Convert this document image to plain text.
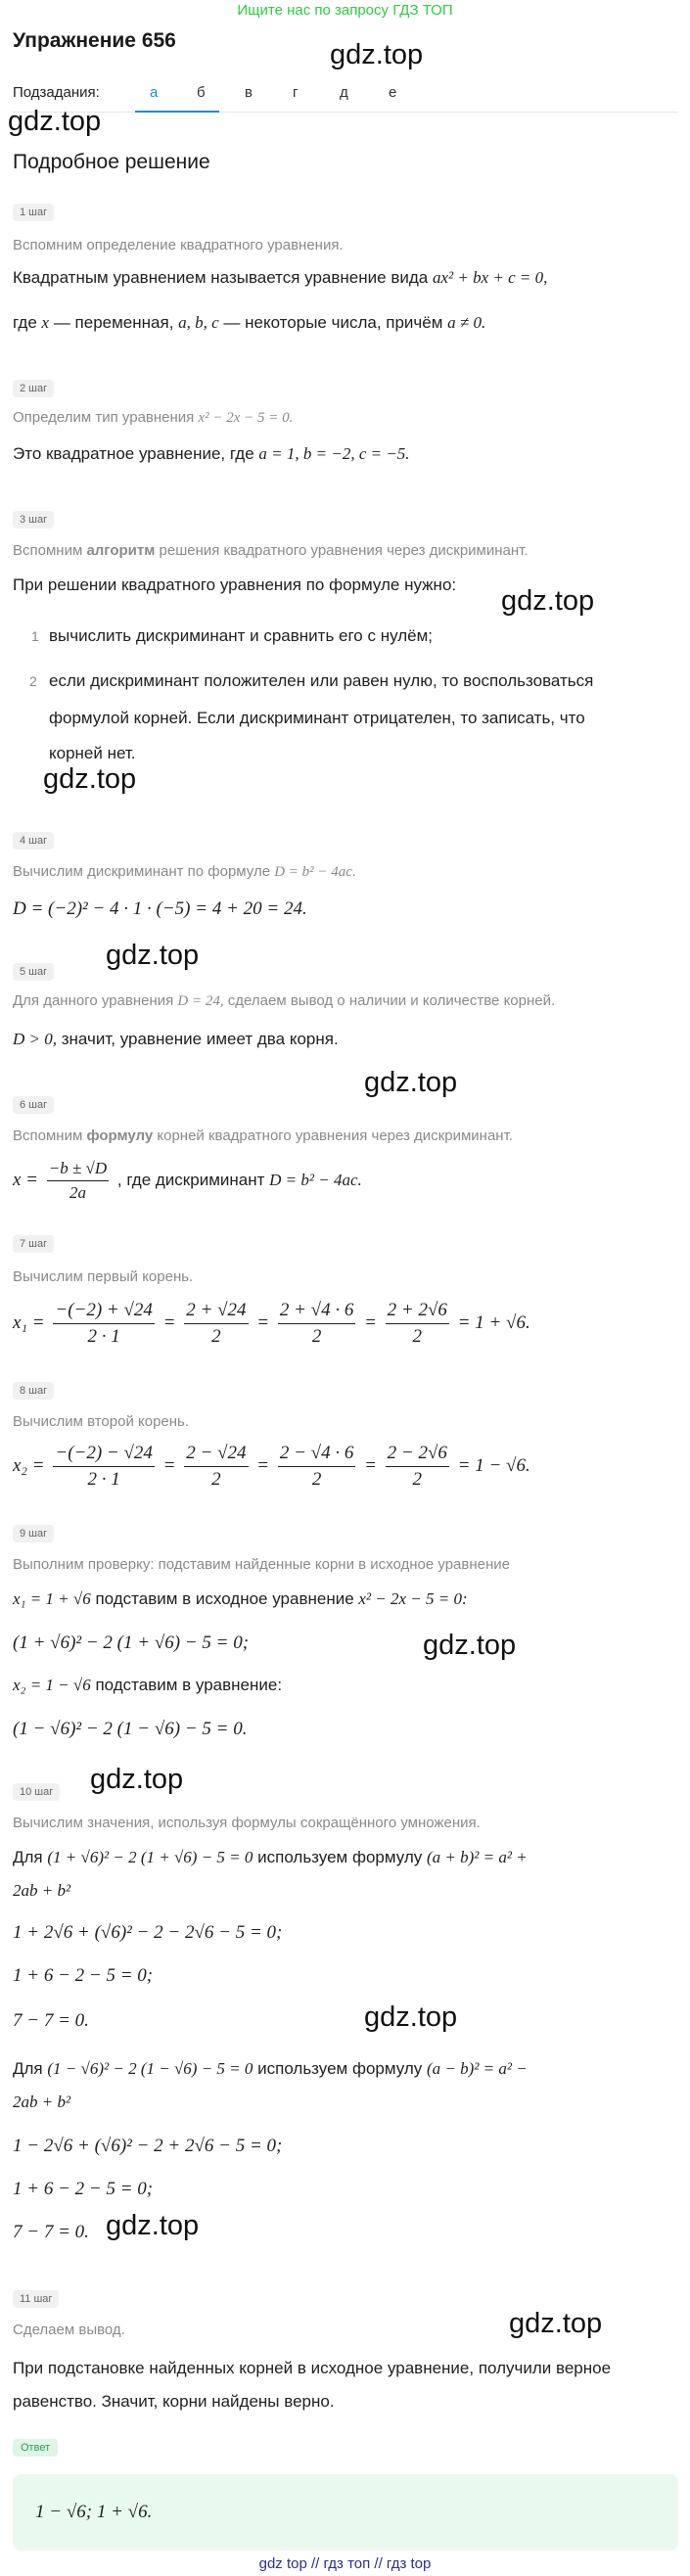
Ищите нас по запросу ГДЗ ТОП
Упражнение 656
Подзадания:	а	б	в	г	д	е
Подробное решение
gdz.top
gdz.top
gdz.top
gdz.top
gdz.top
gdz.top
gdz.top
gdz.top
gdz.top
gdz.top
gdz.top
1 шаг
Вспомним определение квадратного уравнения.
Квадратным уравнением называется уравнение вида ax² + bx + c = 0,
где x — переменная, a, b, c — некоторые числа, причём a ≠ 0.
2 шаг
Определим тип уравнения x² − 2x − 5 = 0.
Это квадратное уравнение, где a = 1, b = −2, c = −5.
3 шаг
Вспомним алгоритм решения квадратного уравнения через дискриминант.
При решении квадратного уравнения по формуле нужно:
1 вычислить дискриминант и сравнить его с нулём;
2 если дискриминант положителен или равен нулю, то воспользоваться
формулой корней. Если дискриминант отрицателен, то записать, что
корней нет.
4 шаг
Вычислим дискриминант по формуле D = b² − 4ac.
D = (−2)² − 4 · 1 · (−5) = 4 + 20 = 24.
5 шаг
Для данного уравнения D = 24, сделаем вывод о наличии и количестве корней.
D > 0, значит, уравнение имеет два корня.
6 шаг
Вспомним формулу корней квадратного уравнения через дискриминант.
$x = \frac{-b \pm √D}{2a}$ , где дискриминант D = b² − 4ac.
7 шаг
Вычислим первый корень.
$x_1 = \frac{-(-2) + √24}{2 \cdot 1} = \frac{2 + √24}{2} = \frac{2 + √4 \cdot 6}{2} = \frac{2 + 2√6}{2} = 1 + √6$.
8 шаг
Вычислим второй корень.
$x_2 = \frac{-(-2) - √24}{2 \cdot 1} = \frac{2 - √24}{2} = \frac{2 - √4 \cdot 6}{2} = \frac{2 - 2√6}{2} = 1 - √6$.
9 шаг
Выполним проверку: подставим найденные корни в исходное уравнение
x₁ = 1 + √6 подставим в исходное уравнение x² − 2x − 5 = 0:
(1 + √6)² − 2 (1 + √6) − 5 = 0;
x₂ = 1 − √6 подставим в уравнение:
(1 − √6)² − 2 (1 − √6) − 5 = 0.
10 шаг
Вычислим значения, используя формулы сокращённого умножения.
Для (1 + √6)² − 2 (1 + √6) − 5 = 0 используем формулу (a + b)² = a² +
2ab + b²
1 + 2√6 + (√6)² − 2 − 2√6 − 5 = 0;
1 + 6 − 2 − 5 = 0;
7 − 7 = 0.
Для (1 − √6)² − 2 (1 − √6) − 5 = 0 используем формулу (a − b)² = a² −
2ab + b²
1 − 2√6 + (√6)² − 2 + 2√6 − 5 = 0;
1 + 6 − 2 − 5 = 0;
7 − 7 = 0.
11 шаг
Сделаем вывод.
При подстановке найденных корней в исходное уравнение, получили верное
равенство. Значит, корни найдены верно.
Ответ
1 − √6; 1 + √6.
gdz top // гдз топ // гдз top
